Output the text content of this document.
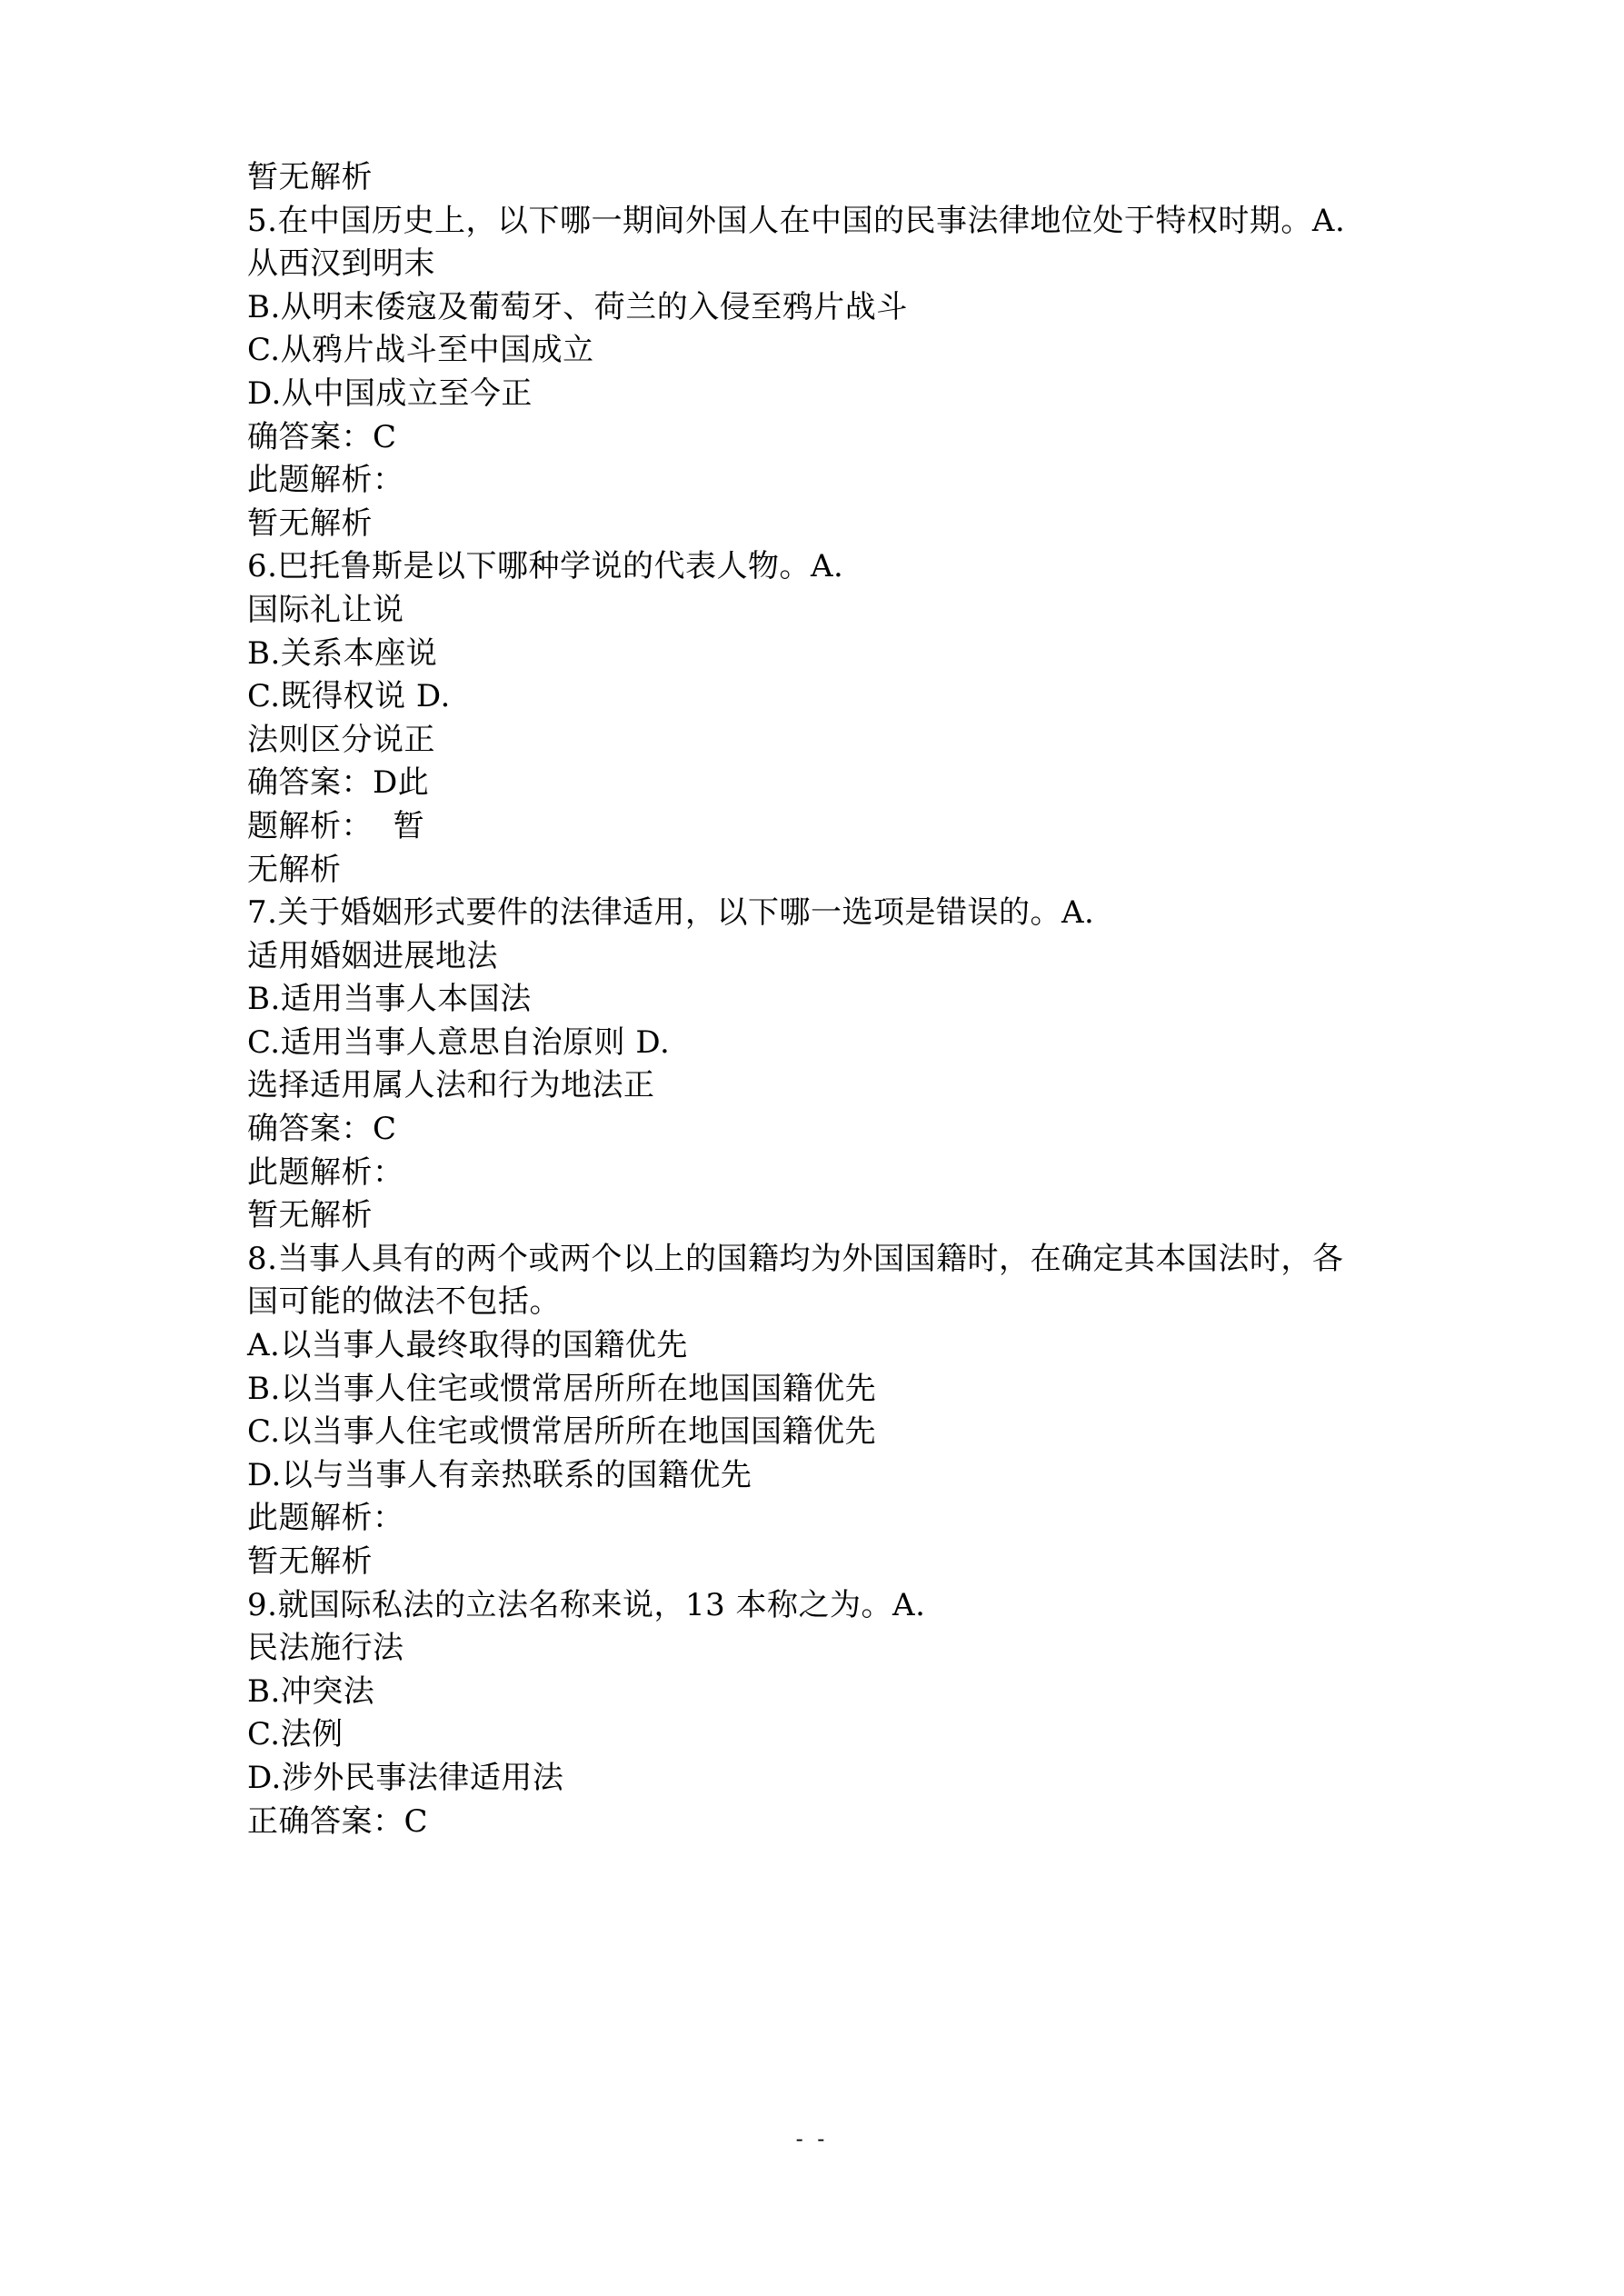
暂无解析
5.在中国历史上，以下哪一期间外国人在中国的民事法律地位处于特权时期。A.
从西汉到明末
B.从明末倭寇及葡萄牙、荷兰的入侵至鸦片战斗
C.从鸦片战斗至中国成立
D.从中国成立至今正
确答案：C
此题解析：
暂无解析
6.巴托鲁斯是以下哪种学说的代表人物。A.
国际礼让说
B.关系本座说
C.既得权说 D.
法则区分说正
确答案：D此
题解析：  暂
无解析
7.关于婚姻形式要件的法律适用，以下哪一选项是错误的。A.
适用婚姻进展地法
B.适用当事人本国法
C.适用当事人意思自治原则 D.
选择适用属人法和行为地法正
确答案：C
此题解析：
暂无解析
8.当事人具有的两个或两个以上的国籍均为外国国籍时，在确定其本国法时，各
国可能的做法不包括。
A.以当事人最终取得的国籍优先
B.以当事人住宅或惯常居所所在地国国籍优先
C.以当事人住宅或惯常居所所在地国国籍优先
D.以与当事人有亲热联系的国籍优先
此题解析：
暂无解析
9.就国际私法的立法名称来说，13 本称之为。A.
民法施行法
B.冲突法
C.法例
D.涉外民事法律适用法
正确答案：C
- -
